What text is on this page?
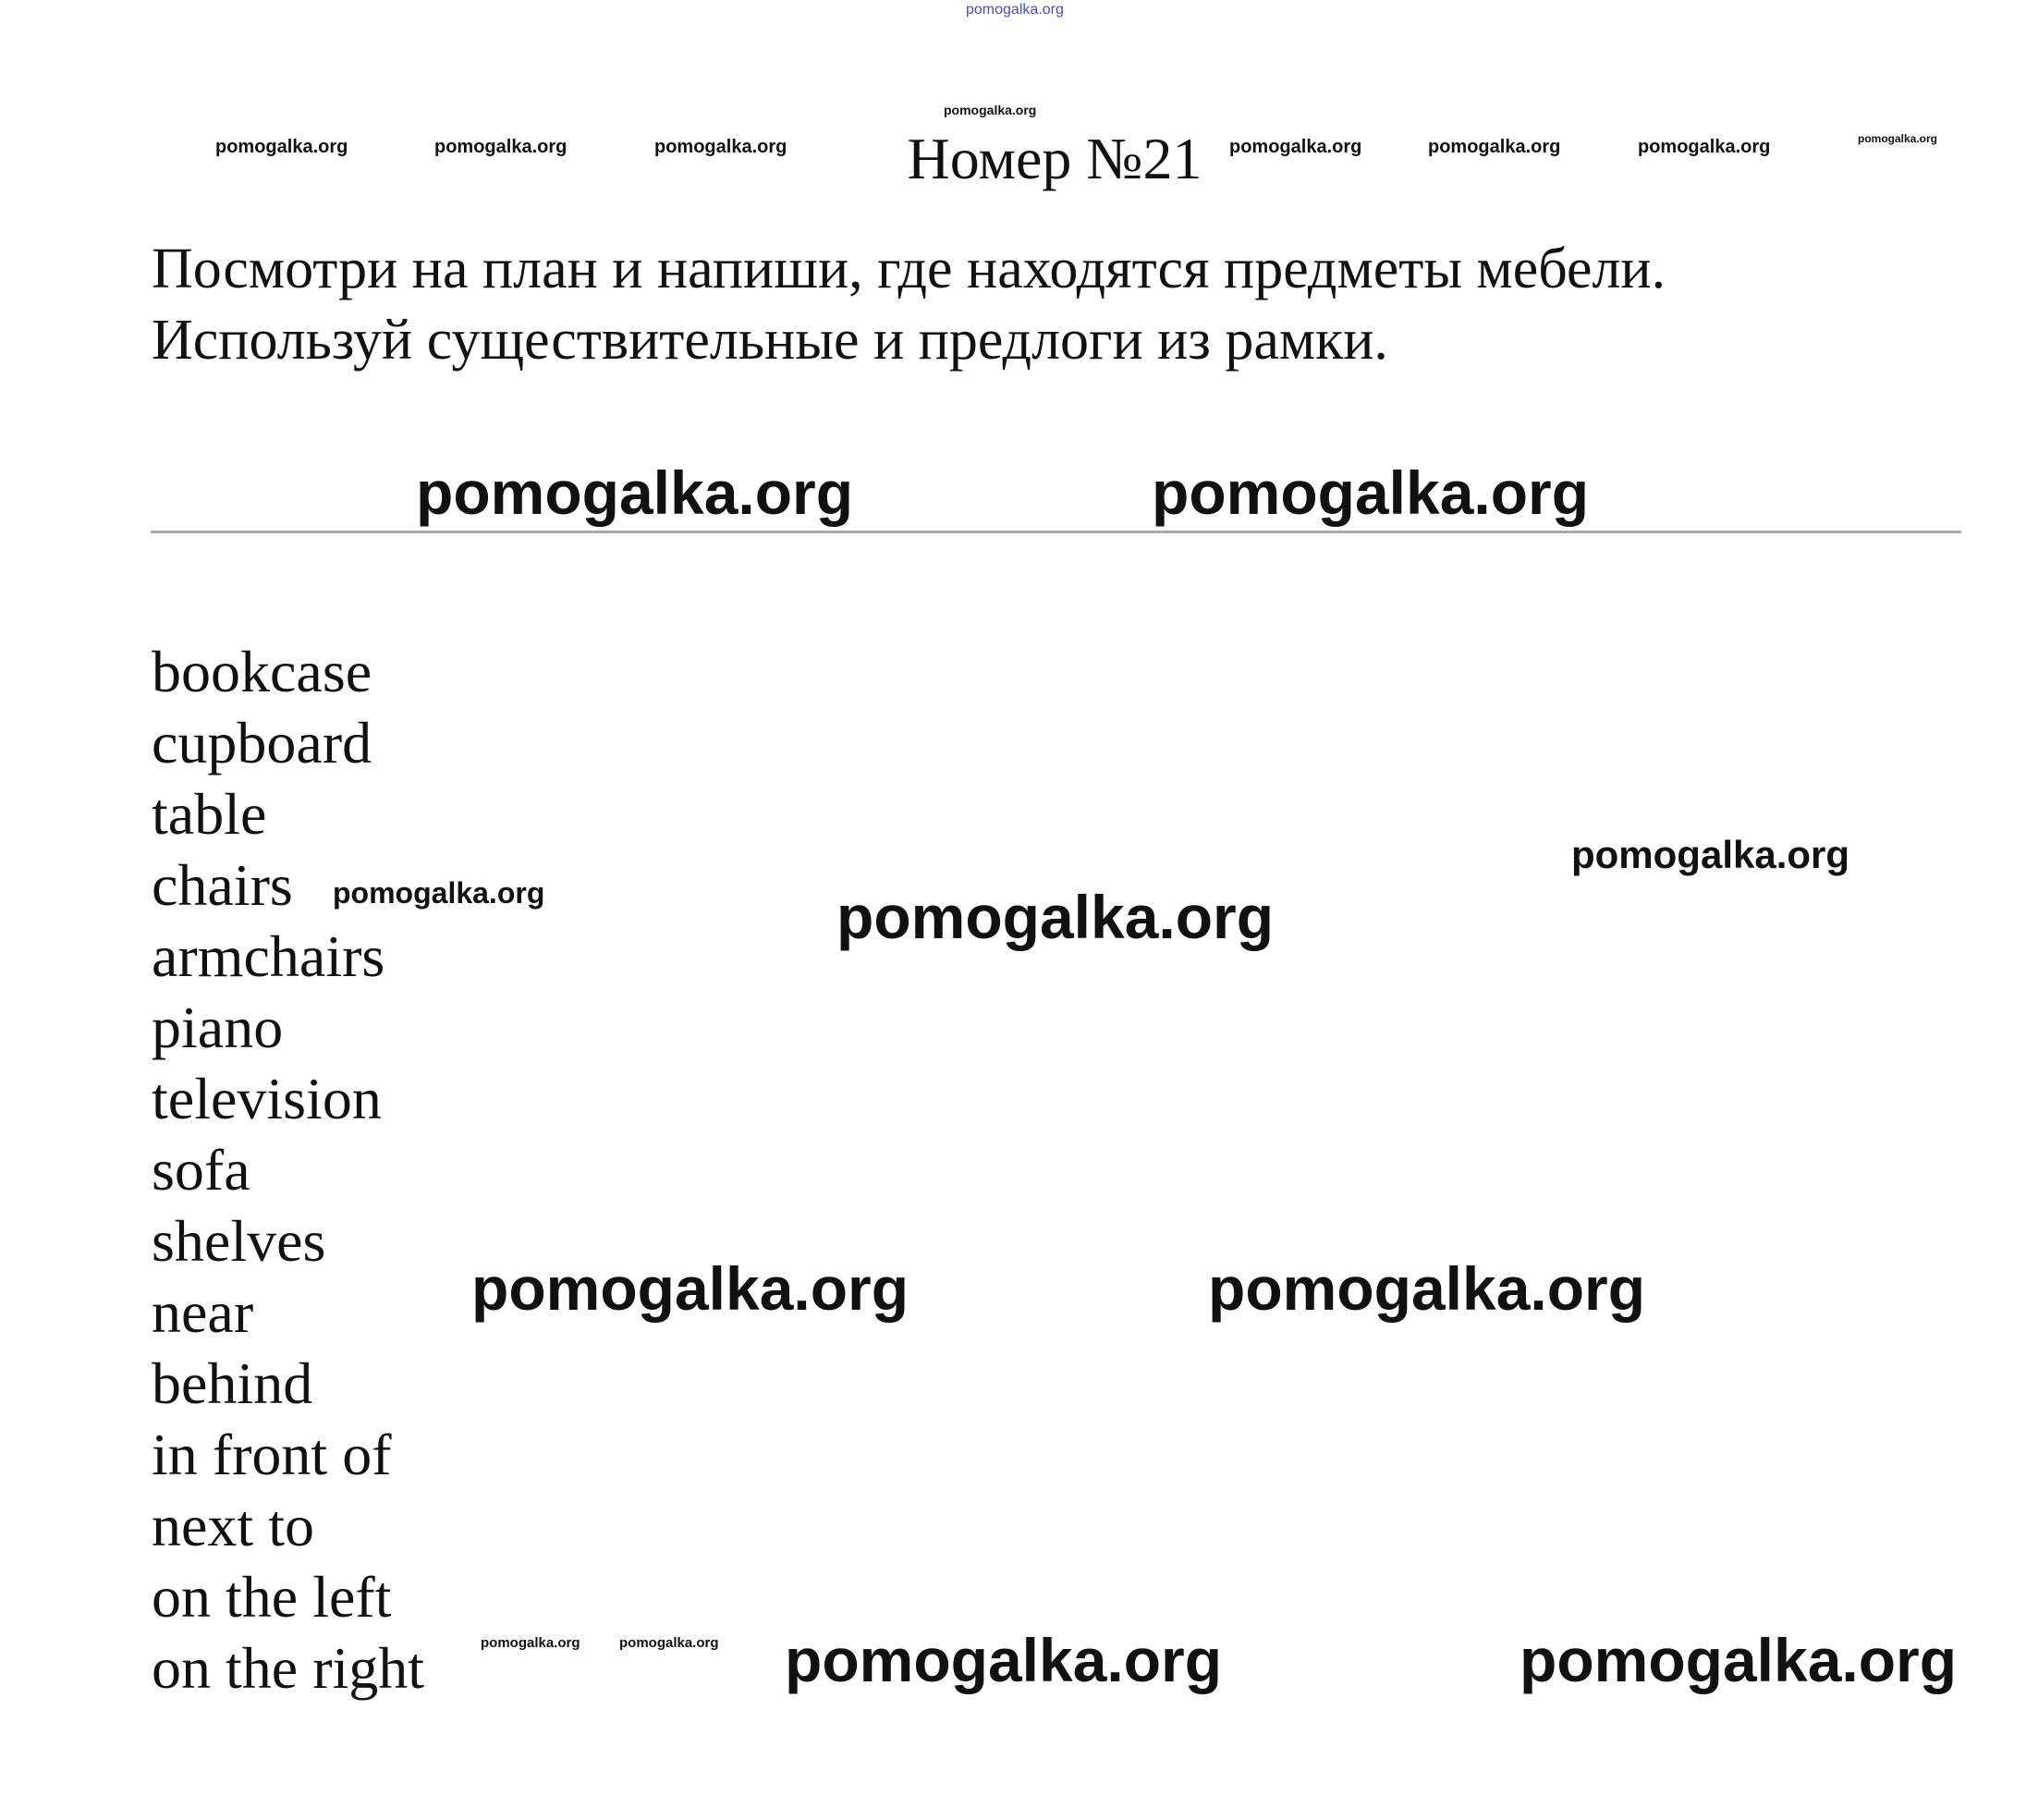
pomogalka.org
pomogalka.org	pomogalka.org	pomogalka.org	pomogalka.org	pomogalka.org	pomogalka.org
pomogalka.org
pomogalka.org
Номер №21
Посмотри на план и напиши, где находятся предметы мебели.
Используй существительные и предлоги из рамки.
pomogalka.org	pomogalka.org
bookcase
cupboard
table
chairs
armchairs
piano
television
sofa
shelves
near
behind
in front of
next to
on the left
on the right
pomogalka.org
pomogalka.org	pomogalka.org
pomogalka.org	pomogalka.org
pomogalka.org	pomogalka.org pomogalka.org	pomogalka.org
